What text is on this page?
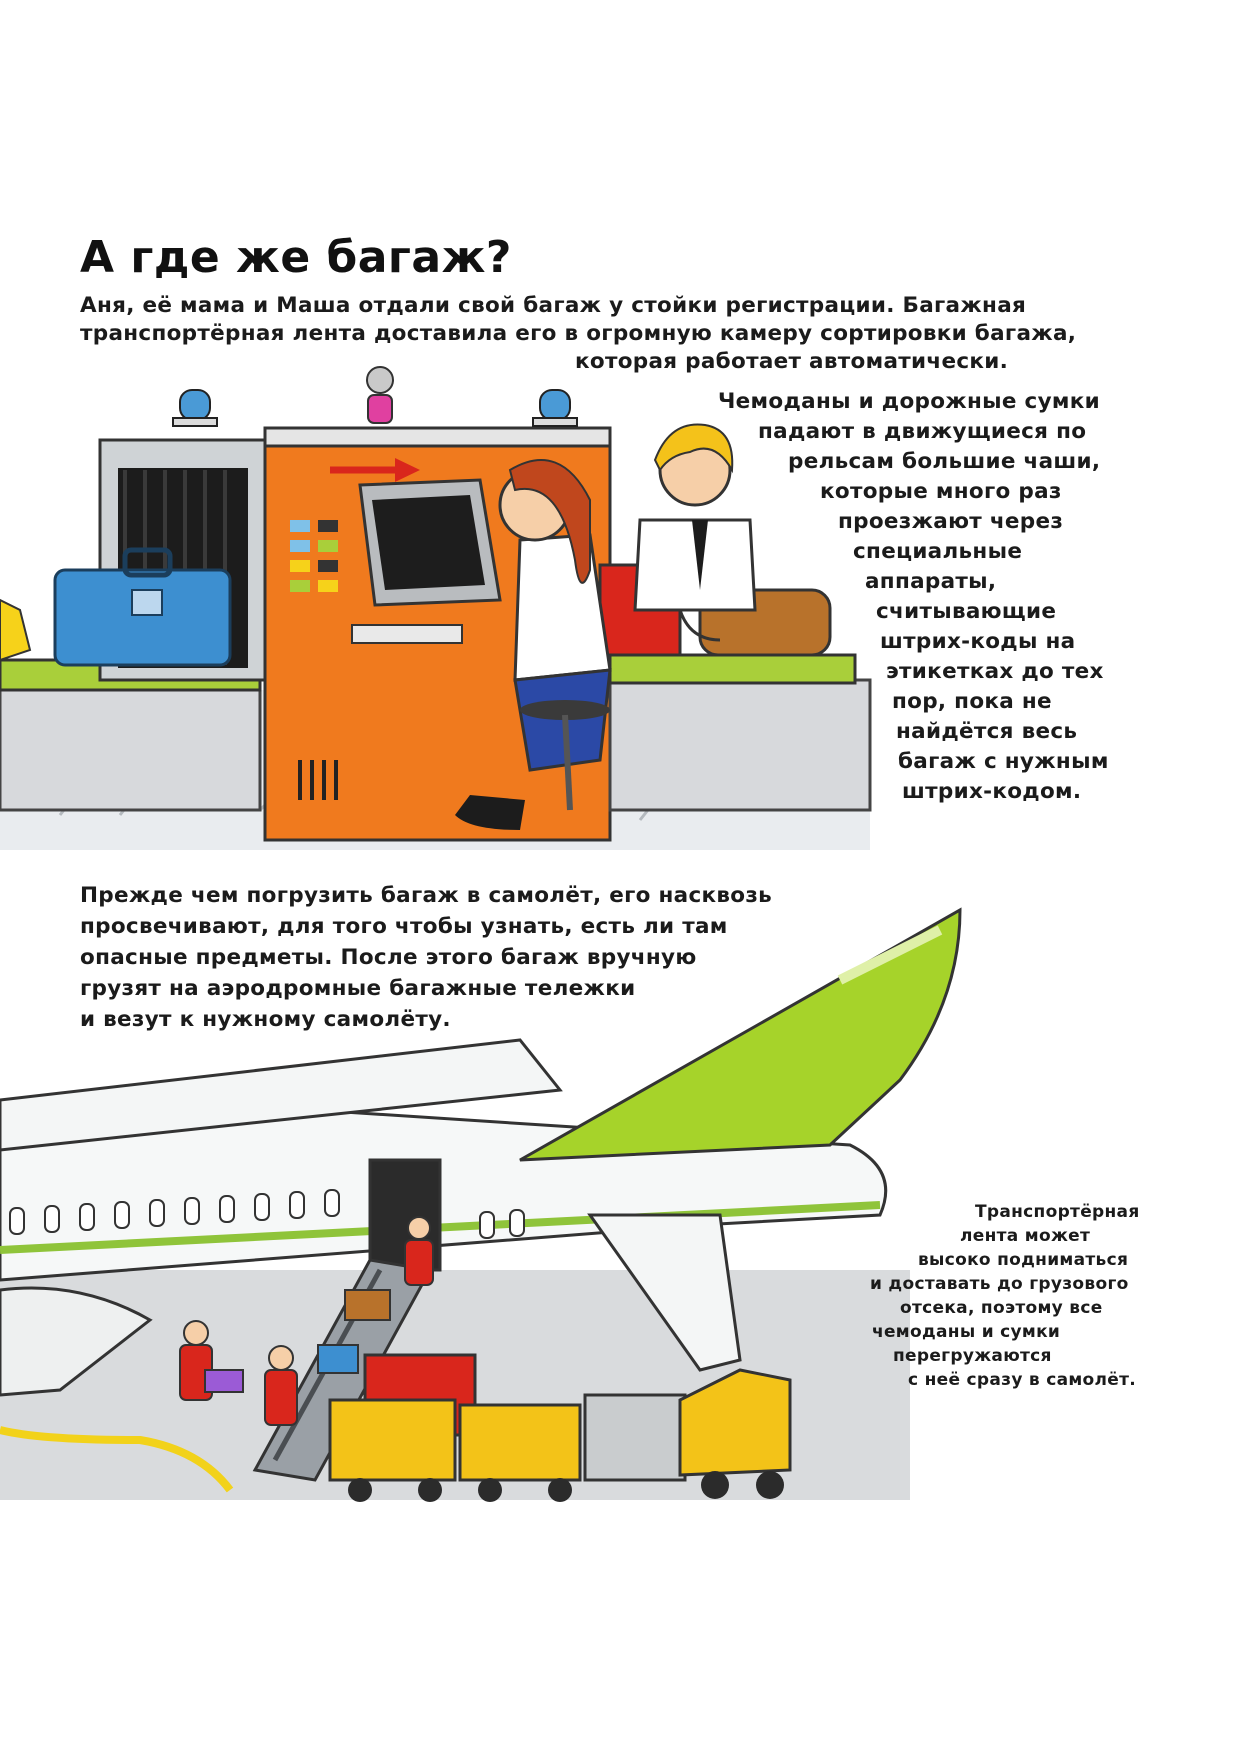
А где же багаж?
Аня, её мама и Маша отдали свой багаж у стойки регистрации. Багажная
транспортёрная лента доставила его в огромную камеру сортировки багажа,
которая работает автоматически.
Чемоданы и дорожные сумки
падают в движущиеся по
рельсам большие чаши,
которые много раз
проезжают через
специальные
аппараты,
считывающие
штрих-коды на
этикетках до тех
пор, пока не
найдётся весь
багаж с нужным
штрих-кодом.
Прежде чем погрузить багаж в самолёт, его насквозь
просвечивают, для того чтобы узнать, есть ли там
опасные предметы. После этого багаж вручную
грузят на аэродромные багажные тележки
и везут к нужному самолёту.
Транспортёрная
лента может
высоко подниматься
и доставать до грузового
отсека, поэтому все
чемоданы и сумки
перегружаются
с неё сразу в самолёт.
